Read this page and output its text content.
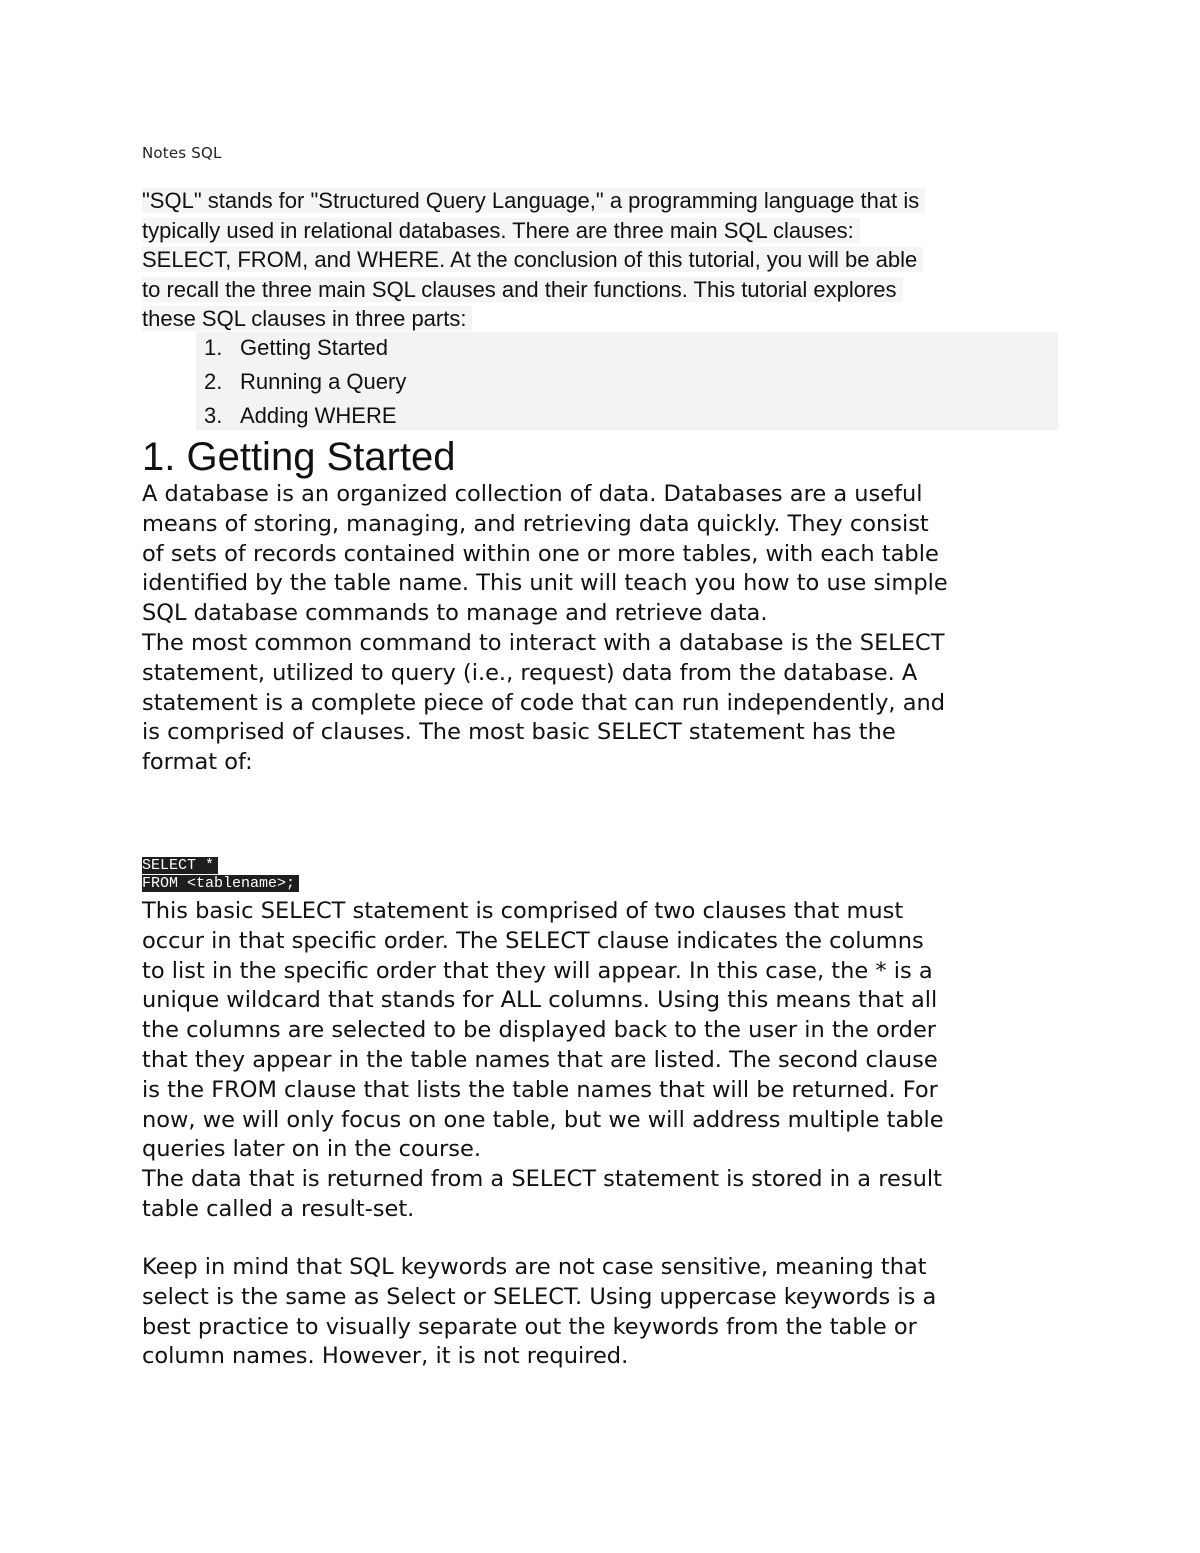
Notes SQL
"SQL" stands for "Structured Query Language," a programming language that is
typically used in relational databases. There are three main SQL clauses:
SELECT, FROM, and WHERE. At the conclusion of this tutorial, you will be able
to recall the three main SQL clauses and their functions. This tutorial explores
these SQL clauses in three parts:
1. Getting Started
2. Running a Query
3. Adding WHERE
1. Getting Started
A database is an organized collection of data. Databases are a useful
means of storing, managing, and retrieving data quickly. They consist
of sets of records contained within one or more tables, with each table
identified by the table name. This unit will teach you how to use simple
SQL database commands to manage and retrieve data.
The most common command to interact with a database is the SELECT
statement, utilized to query (i.e., request) data from the database. A
statement is a complete piece of code that can run independently, and
is comprised of clauses. The most basic SELECT statement has the
format of:
SELECT *
FROM <tablename>;
This basic SELECT statement is comprised of two clauses that must
occur in that specific order. The SELECT clause indicates the columns
to list in the specific order that they will appear. In this case, the * is a
unique wildcard that stands for ALL columns. Using this means that all
the columns are selected to be displayed back to the user in the order
that they appear in the table names that are listed. The second clause
is the FROM clause that lists the table names that will be returned. For
now, we will only focus on one table, but we will address multiple table
queries later on in the course.
The data that is returned from a SELECT statement is stored in a result
table called a result-set.
Keep in mind that SQL keywords are not case sensitive, meaning that
select is the same as Select or SELECT. Using uppercase keywords is a
best practice to visually separate out the keywords from the table or
column names. However, it is not required.
